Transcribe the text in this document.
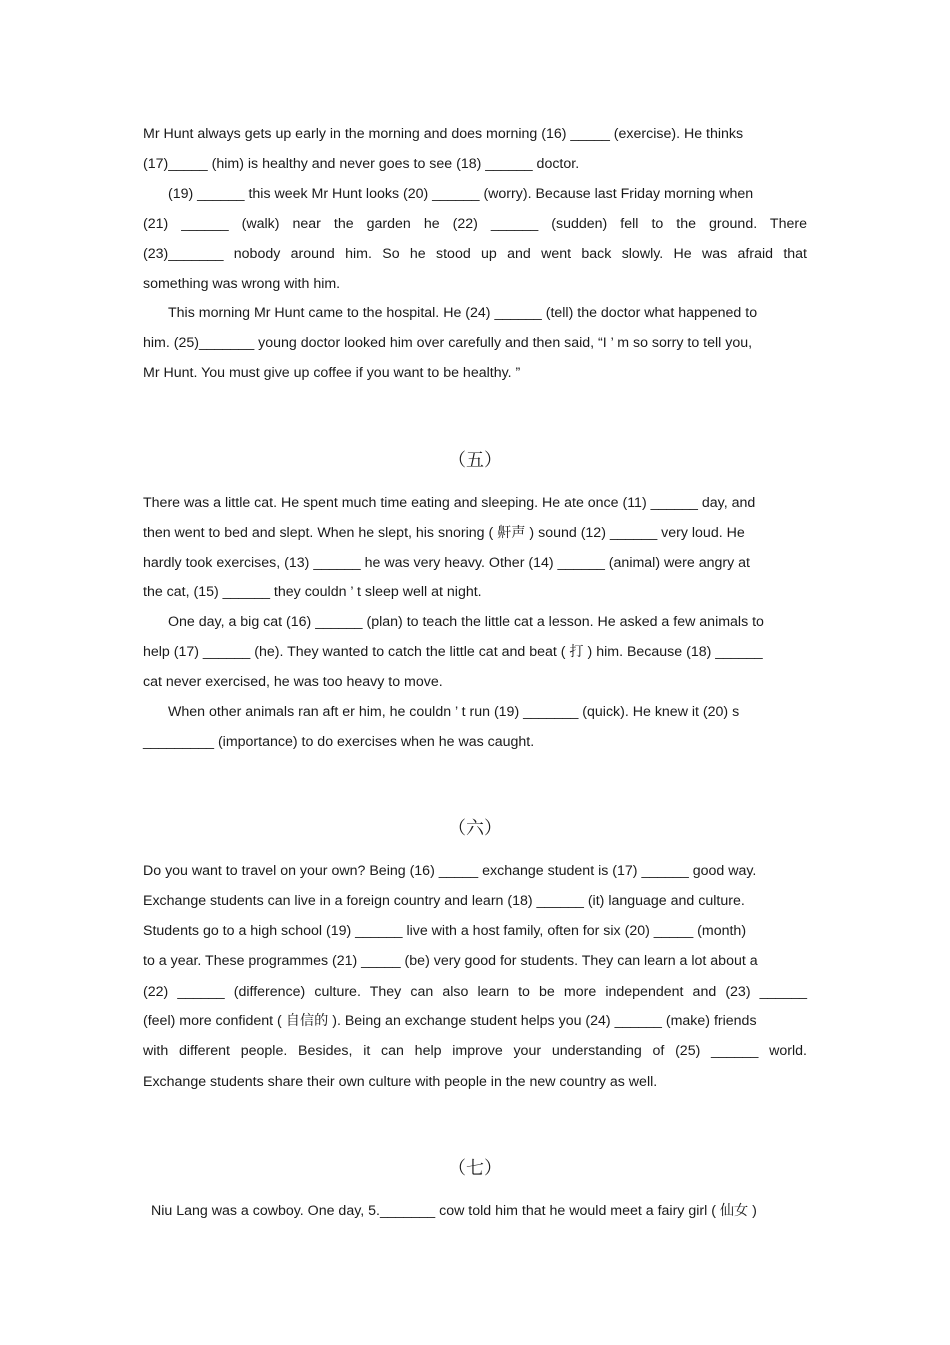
Mr Hunt always gets up early in the morning and does morning (16) _____ (exercise). He thinks
(17)_____ (him) is healthy and never goes to see (18) ______ doctor.
(19) ______ this week Mr Hunt looks (20) ______ (worry). Because last Friday morning when
(21) ______ (walk) near the garden he (22) ______ (sudden) fell to the ground. There
(23)_______ nobody around him. So he stood up and went back slowly. He was afraid that
something was wrong with him.
This morning Mr Hunt came to the hospital. He (24) ______ (tell) the doctor what happened to
him. (25)_______ young doctor looked him over carefully and then said, “I ’ m so sorry to tell you,
Mr Hunt. You must give up coffee if you want to be healthy. ”
（五）
There was a little cat. He spent much time eating and sleeping. He ate once (11) ______ day, and
then went to bed and slept. When he slept, his snoring ( 鼾声 ) sound (12) ______ very loud. He
hardly took exercises, (13) ______ he was very heavy. Other (14) ______ (animal) were angry at
the cat, (15) ______ they couldn ’ t sleep well at night.
One day, a big cat (16) ______ (plan) to teach the little cat a lesson. He asked a few animals to
help (17) ______ (he). They wanted to catch the little cat and beat ( 打 ) him. Because (18) ______
cat never exercised, he was too heavy to move.
When other animals ran aft er him, he couldn ’ t run (19) _______ (quick). He knew it (20) s
_________ (importance) to do exercises when he was caught.
（六）
Do you want to travel on your own? Being (16) _____ exchange student is (17) ______ good way.
Exchange students can live in a foreign country and learn (18) ______ (it) language and culture.
Students go to a high school (19) ______ live with a host family, often for six (20) _____ (month)
to a year. These programmes (21) _____ (be) very good for students. They can learn a lot about a
(22) ______ (difference) culture. They can also learn to be more independent and (23) ______
(feel) more confident ( 自信的 ). Being an exchange student helps you (24) ______ (make) friends
with different people. Besides, it can help improve your understanding of (25) ______ world.
Exchange students share their own culture with people in the new country as well.
（七）
Niu Lang was a cowboy. One day, 5._______ cow told him that he would meet a fairy girl ( 仙女 )
